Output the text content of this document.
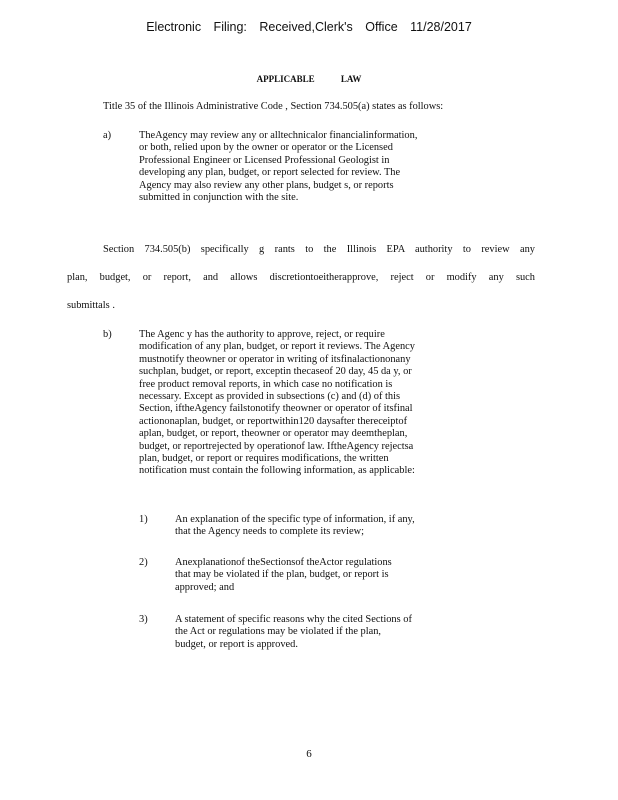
Electronic Filing: Received,Clerk's Office 11/28/2017
APPLICABLE LAW
Title 35 of the Illinois Administrative Code , Section 734.505(a) states as follows:
a)	TheAgency may review any or alltechnicalor financialinformation,

or both, relied upon by the owner or operator or the Licensed

Professional Engineer or Licensed Professional Geologist in

developing any plan, budget, or report selected for review. The

Agency may also review any other plans, budget s, or reports

submitted in conjunction with the site.

Section 734.505(b) specifically g rants to the Illinois EPA authority to review any

plan, budget, or report, and allows discretiontoeitherapprove, reject or modify any such

submittals .

b)	The Agenc y has the authority to approve, reject, or require

modification of any plan, budget, or report it reviews. The Agency

mustnotify theowner or operator in writing of itsfinalactiononany

suchplan, budget, or report, exceptin thecaseof 20 day, 45 da y, or

free product removal reports, in which case no notification is

necessary. Except as provided in subsections (c) and (d) of this

Section, iftheAgency failstonotify theowner or operator of itsfinal

actiononaplan, budget, or reportwithin120 daysafter thereceiptof

aplan, budget, or report, theowner or operator may deemtheplan,

budget, or reportrejected by operationof law. IftheAgency rejectsa

plan, budget, or report or requires modifications, the written

notification must contain the following information, as applicable:

1)	An explanation of the specific type of information, if any,

that the Agency needs to complete its review;

2)	Anexplanationof theSectionsof theActor regulations

that may be violated if the plan, budget, or report is

approved; and

3)	A statement of specific reasons why the cited Sections of

the Act or regulations may be violated if the plan,

budget, or report is approved.

6
